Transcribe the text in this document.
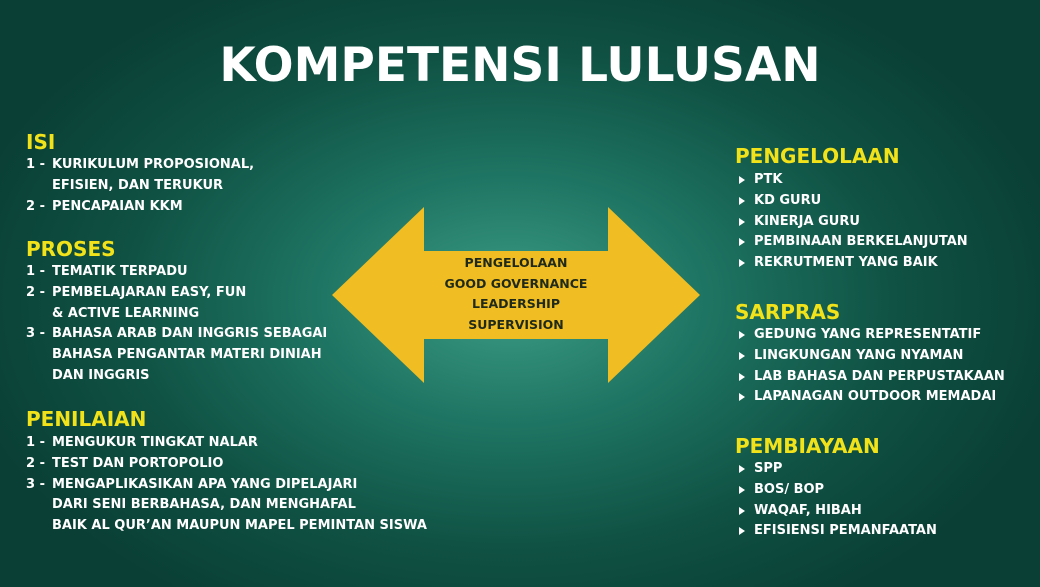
KOMPETENSI LULUSAN
ISI
1 - KURIKULUM PROPOSIONAL,
EFISIEN, DAN TERUKUR
2 - PENCAPAIAN KKM
PROSES
1 - TEMATIK TERPADU
2 - PEMBELAJARAN EASY, FUN
& ACTIVE LEARNING
3 - BAHASA ARAB DAN INGGRIS SEBAGAI
BAHASA PENGANTAR MATERI DINIAH
DAN INGGRIS
PENILAIAN
1 - MENGUKUR TINGKAT NALAR
2 - TEST DAN PORTOPOLIO
3 - MENGAPLIKASIKAN APA YANG DIPELAJARI
DARI SENI BERBAHASA, DAN MENGHAFAL
BAIK AL QUR’AN MAUPUN MAPEL PEMINTAN SISWA
PENGELOLAAN
GOOD GOVERNANCE
LEADERSHIP
SUPERVISION
PENGELOLAAN
PTK
KD GURU
KINERJA GURU
PEMBINAAN BERKELANJUTAN
REKRUTMENT YANG BAIK
SARPRAS
GEDUNG YANG REPRESENTATIF
LINGKUNGAN YANG NYAMAN
LAB BAHASA DAN PERPUSTAKAAN
LAPANAGAN OUTDOOR MEMADAI
PEMBIAYAAN
SPP
BOS/ BOP
WAQAF, HIBAH
EFISIENSI PEMANFAATAN
